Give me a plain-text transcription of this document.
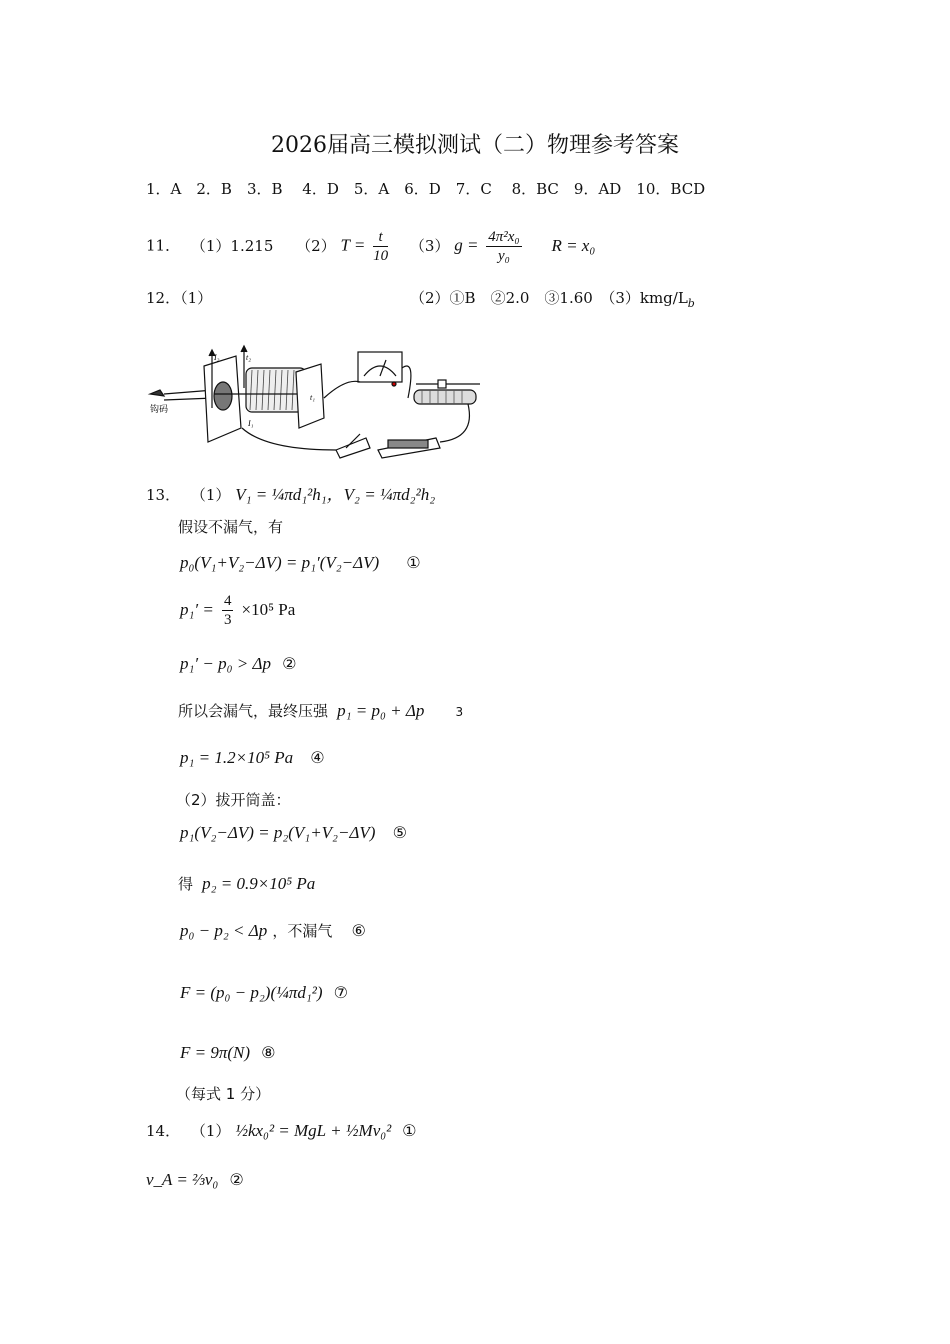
2026届高三模拟测试（二）物理参考答案
1．A　2．B　3．B　 4．D　5．A　6．D　7．C　 8．BC　9．AD　10．BCD
11． （1）1.215 （2） $T = \frac{t}{10} (3) g = \frac{\text{4π²x₀}}{\text{y₀}}$ R = x₀
12．（1）	（2）①B　②2.0　③1.60　$(3)kmg/L_b$
钩码
I₂	t₂
t₁
I₁
13． （1） V₁ = ¼πd₁²h₁，V₂ = ¼πd₂²h₂
假设不漏气，有
p₀(V₁+V₂−ΔV) = p₁′(V₂−ΔV) ①
$p_1' = \frac{4}{3} \times 10^5$ Pa
p₁′ − p₀ > Δp ②
所以会漏气，最终压强 p₁ = p₀ + Δp	3
p₁ = 1.2×10⁵ Pa ④
（2）拔开筒盖：
p₁(V₂−ΔV) = p₂(V₁+V₂−ΔV) ⑤
得 p₂ = 0.9×10⁵ Pa
p₀ − p₂ < Δp ，不漏气 ⑥
F = (p₀ − p₂)(¼πd₁²) ⑦
F = 9π(N) ⑧
（每式 1 分）
14． （1） ½kx₀² = MgL + ½Mv₀² ①
v_A = ⅔v₀ ②
